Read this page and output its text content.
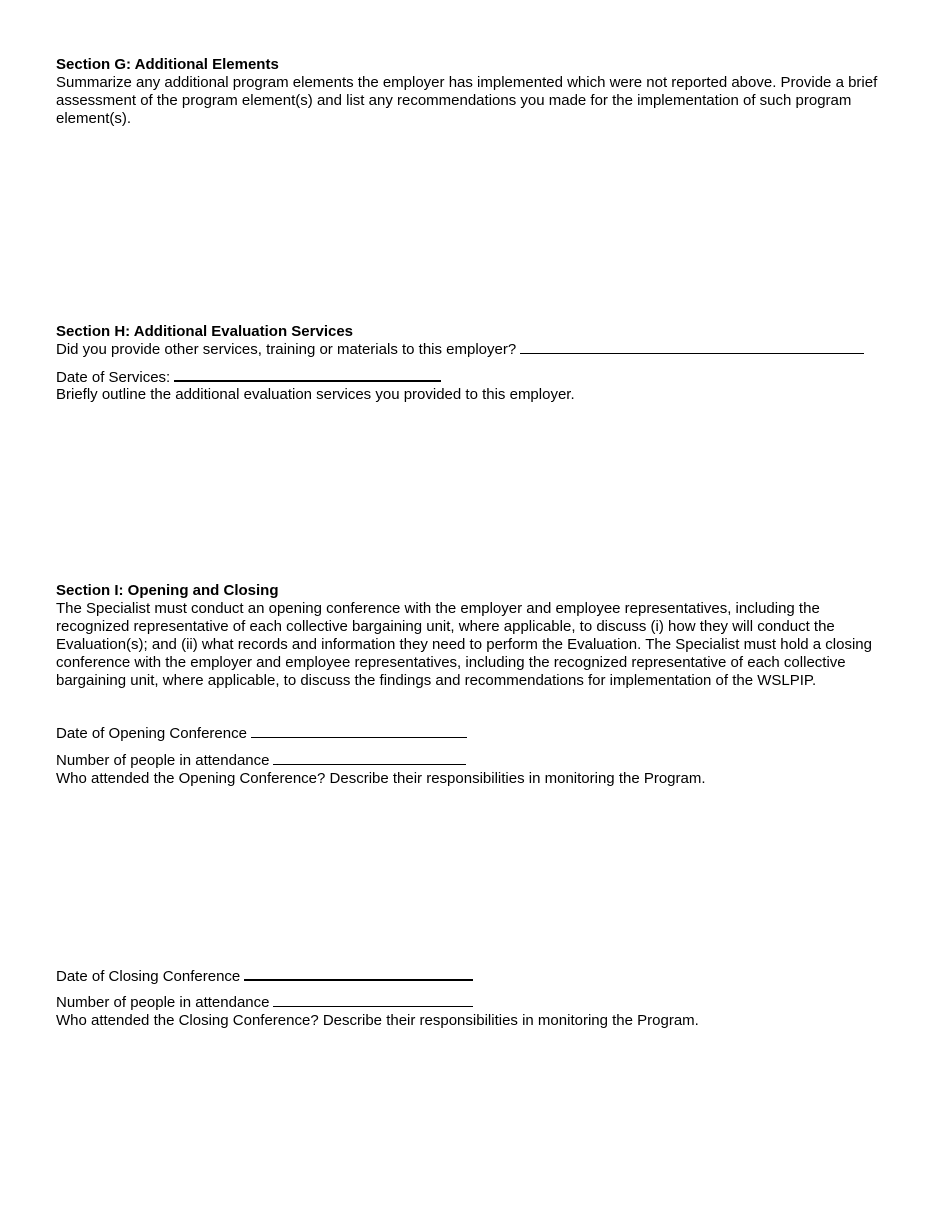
Section G: Additional Elements
Summarize any additional program elements the employer has implemented which were not reported above. Provide a brief assessment of the program element(s) and list any recommendations you made for the implementation of such program element(s).
Section H: Additional Evaluation Services
Did you provide other services, training or materials to this employer?
Date of Services:
Briefly outline the additional evaluation services you provided to this employer.
Section I: Opening and Closing
The Specialist must conduct an opening conference with the employer and employee representatives, including the recognized representative of each collective bargaining unit, where applicable, to discuss (i) how they will conduct the Evaluation(s); and (ii) what records and information they need to perform the Evaluation. The Specialist must hold a closing conference with the employer and employee representatives, including the recognized representative of each collective bargaining unit, where applicable, to discuss the findings and recommendations for implementation of the WSLPIP.
Date of Opening Conference
Number of people in attendance
Who attended the Opening Conference? Describe their responsibilities in monitoring the Program.
Date of Closing Conference
Number of people in attendance
Who attended the Closing Conference? Describe their responsibilities in monitoring the Program.
